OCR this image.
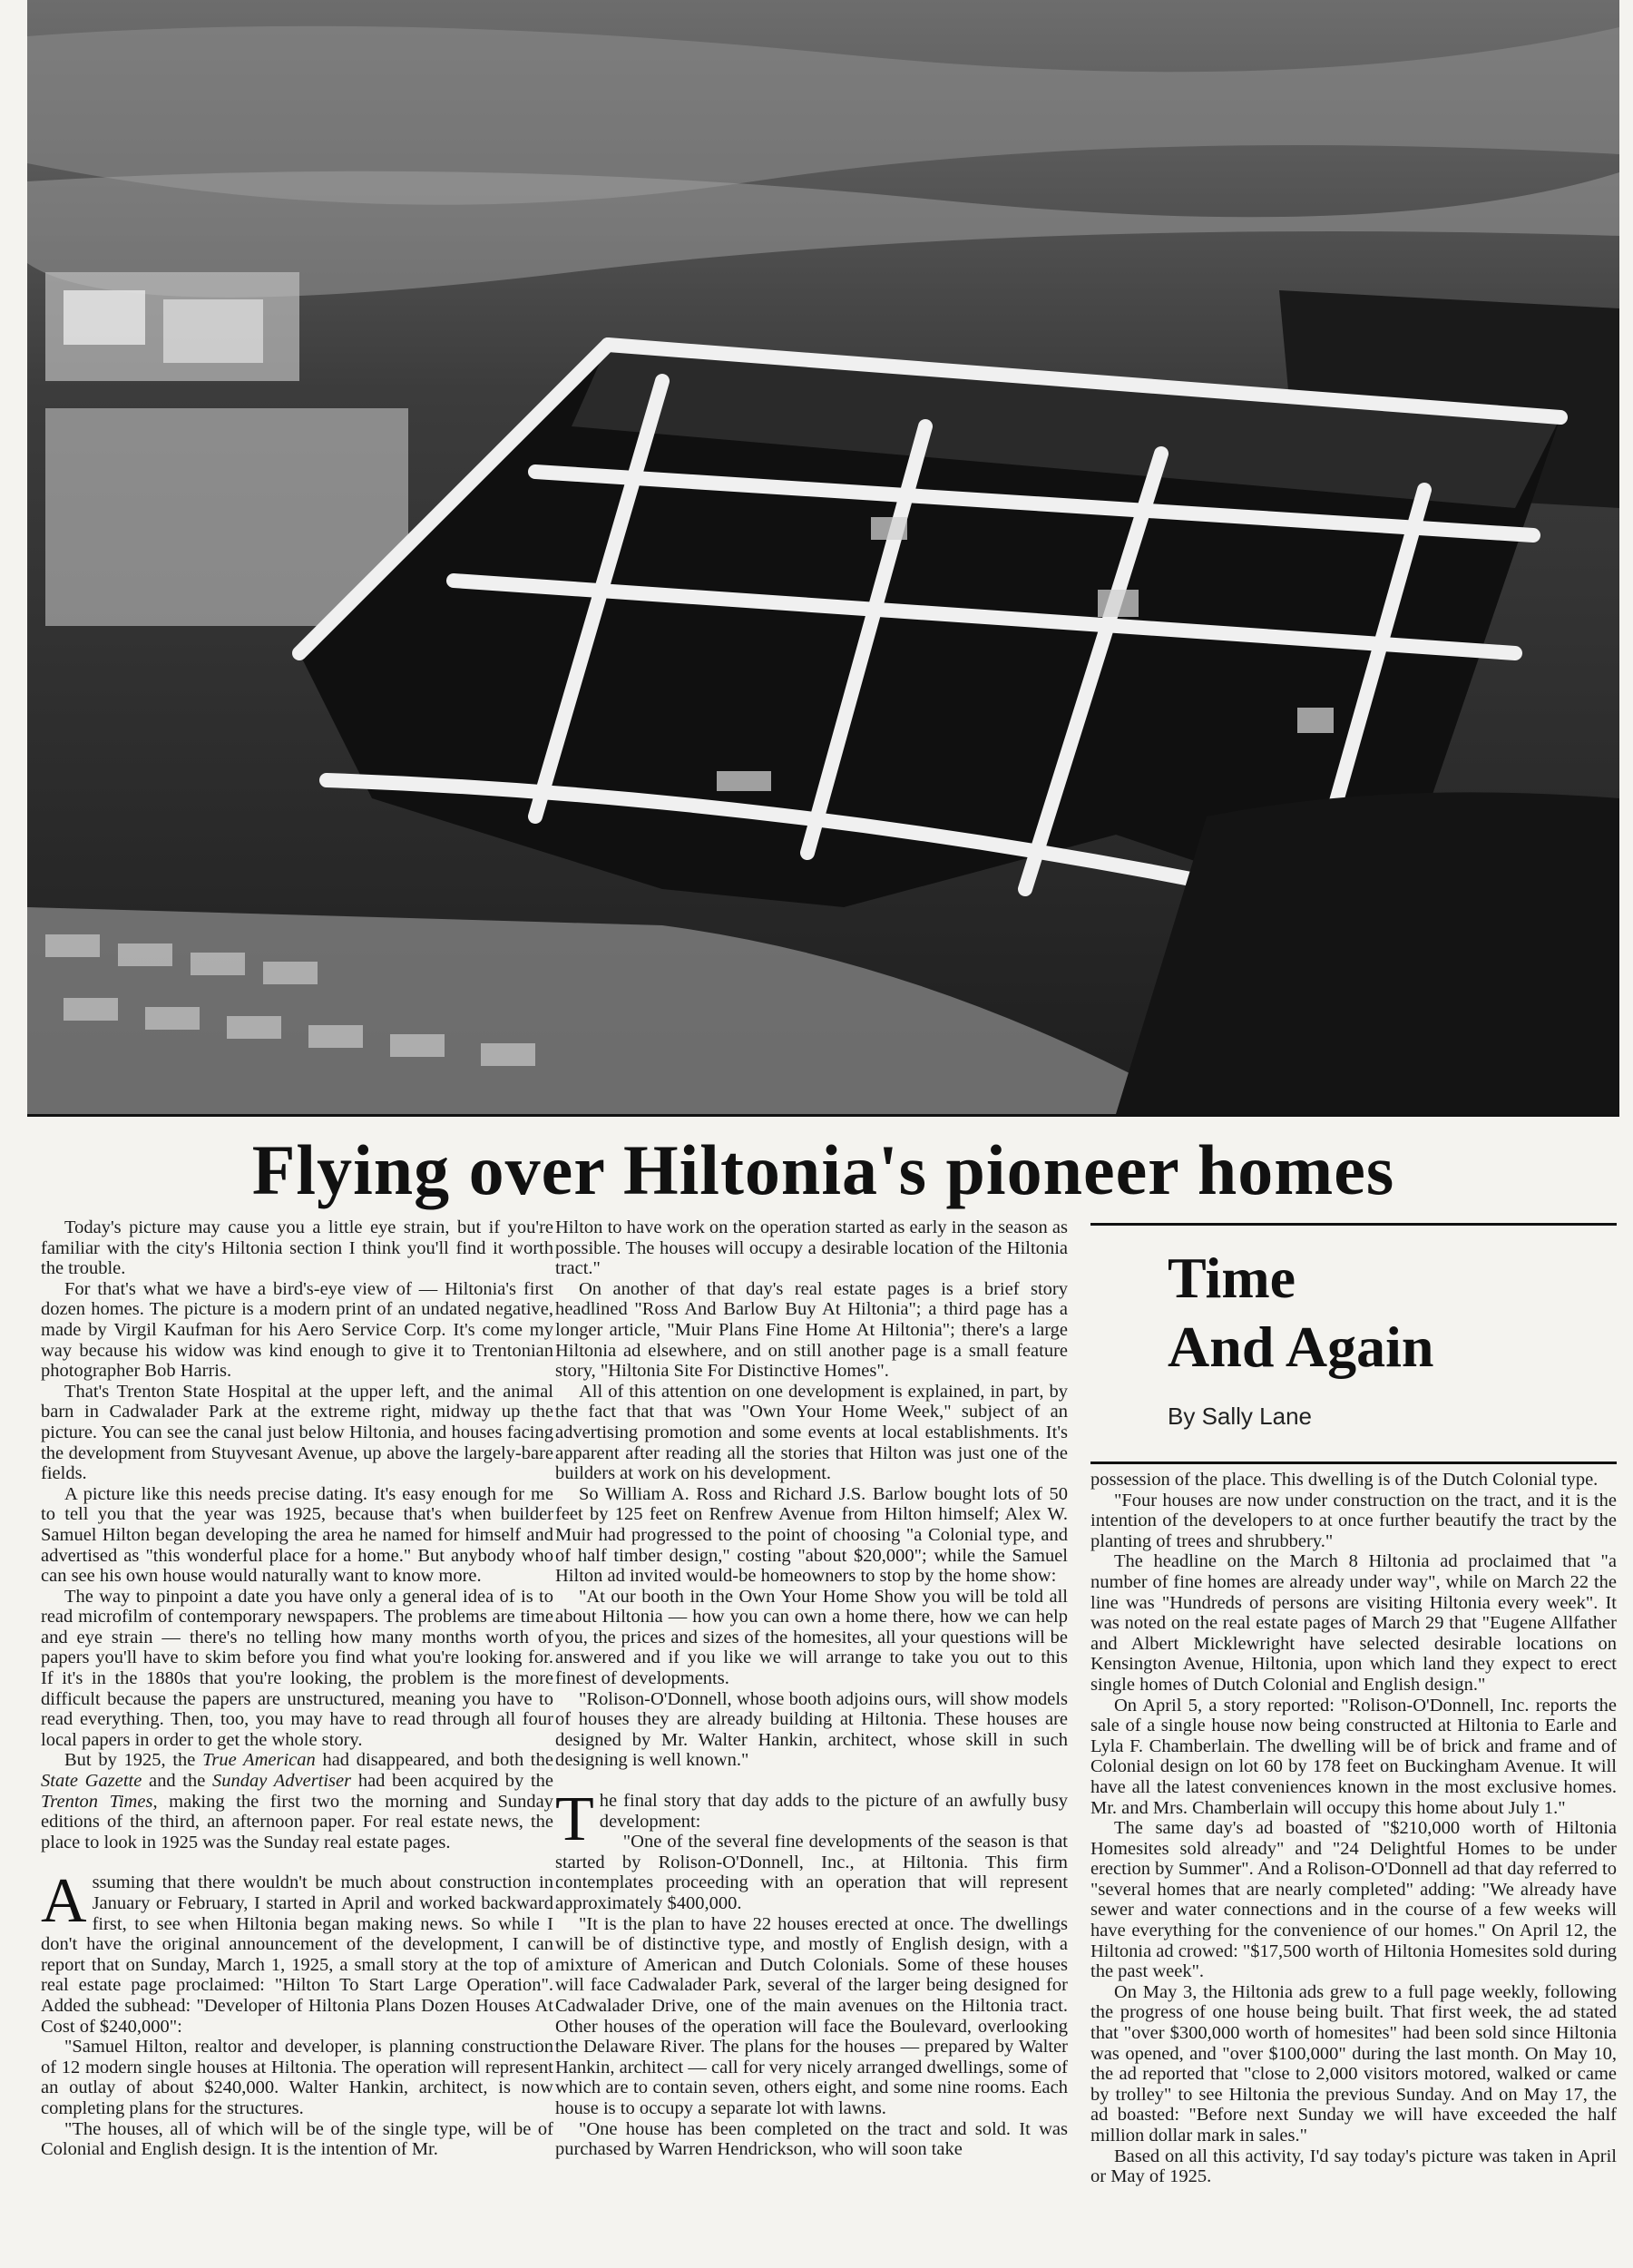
Flying over Hiltonia's pioneer homes

Today's picture may cause you a little eye strain, but if you're familiar with the city's Hiltonia section I think you'll find it worth the trouble.

For that's what we have a bird's-eye view of — Hiltonia's first dozen homes. The picture is a modern print of an undated negative, made by Virgil Kaufman for his Aero Service Corp. It's come my way because his widow was kind enough to give it to Trentonian photographer Bob Harris.

That's Trenton State Hospital at the upper left, and the animal barn in Cadwalader Park at the extreme right, midway up the picture. You can see the canal just below Hiltonia, and houses facing the development from Stuyvesant Avenue, up above the largely-bare fields.

A picture like this needs precise dating. It's easy enough for me to tell you that the year was 1925, because that's when builder Samuel Hilton began developing the area he named for himself and advertised as "this wonderful place for a home." But anybody who can see his own house would naturally want to know more.

The way to pinpoint a date you have only a general idea of is to read microfilm of contemporary newspapers. The problems are time and eye strain — there's no telling how many months worth of papers you'll have to skim before you find what you're looking for. If it's in the 1880s that you're looking, the problem is the more difficult because the papers are unstructured, meaning you have to read everything. Then, too, you may have to read through all four local papers in order to get the whole story.

But by 1925, the True American had disappeared, and both the State Gazette and the Sunday Advertiser had been acquired by the Trenton Times, making the first two the morning and Sunday editions of the third, an afternoon paper. For real estate news, the place to look in 1925 was the Sunday real estate pages.

Assuming that there wouldn't be much about construction in January or February, I started in April and worked backward first, to see when Hiltonia began making news. So while I don't have the original announcement of the development, I can report that on Sunday, March 1, 1925, a small story at the top of a real estate page proclaimed: "Hilton To Start Large Operation". Added the subhead: "Developer of Hiltonia Plans Dozen Houses At Cost of $240,000":

"Samuel Hilton, realtor and developer, is planning construction of 12 modern single houses at Hiltonia. The operation will represent an outlay of about $240,000. Walter Hankin, architect, is now completing plans for the structures.

"The houses, all of which will be of the single type, will be of Colonial and English design. It is the intention of Mr.

Hilton to have work on the operation started as early in the season as possible. The houses will occupy a desirable location of the Hiltonia tract."

On another of that day's real estate pages is a brief story headlined "Ross And Barlow Buy At Hiltonia"; a third page has a longer article, "Muir Plans Fine Home At Hiltonia"; there's a large Hiltonia ad elsewhere, and on still another page is a small feature story, "Hiltonia Site For Distinctive Homes".

All of this attention on one development is explained, in part, by the fact that that was "Own Your Home Week," subject of an advertising promotion and some events at local establishments. It's apparent after reading all the stories that Hilton was just one of the builders at work on his development.

So William A. Ross and Richard J.S. Barlow bought lots of 50 feet by 125 feet on Renfrew Avenue from Hilton himself; Alex W. Muir had progressed to the point of choosing "a Colonial type, and of half timber design," costing "about $20,000"; while the Samuel Hilton ad invited would-be homeowners to stop by the home show:

"At our booth in the Own Your Home Show you will be told all about Hiltonia — how you can own a home there, how we can help you, the prices and sizes of the homesites, all your questions will be answered and if you like we will arrange to take you out to this finest of developments.

"Rolison-O'Donnell, whose booth adjoins ours, will show models of houses they are already building at Hiltonia. These houses are designed by Mr. Walter Hankin, architect, whose skill in such designing is well known."

The final story that day adds to the picture of an awfully busy development:

"One of the several fine developments of the season is that started by Rolison-O'Donnell, Inc., at Hiltonia. This firm contemplates proceeding with an operation that will represent approximately $400,000.

"It is the plan to have 22 houses erected at once. The dwellings will be of distinctive type, and mostly of English design, with a mixture of American and Dutch Colonials. Some of these houses will face Cadwalader Park, several of the larger being designed for Cadwalader Drive, one of the main avenues on the Hiltonia tract. Other houses of the operation will face the Boulevard, overlooking the Delaware River. The plans for the houses — prepared by Walter Hankin, architect — call for very nicely arranged dwellings, some of which are to contain seven, others eight, and some nine rooms. Each house is to occupy a separate lot with lawns.

"One house has been completed on the tract and sold. It was purchased by Warren Hendrickson, who will soon take

Time
And Again
By Sally Lane

possession of the place. This dwelling is of the Dutch Colonial type.

"Four houses are now under construction on the tract, and it is the intention of the developers to at once further beautify the tract by the planting of trees and shrubbery."

The headline on the March 8 Hiltonia ad proclaimed that "a number of fine homes are already under way", while on March 22 the line was "Hundreds of persons are visiting Hiltonia every week". It was noted on the real estate pages of March 29 that "Eugene Allfather and Albert Micklewright have selected desirable locations on Kensington Avenue, Hiltonia, upon which land they expect to erect single homes of Dutch Colonial and English design."

On April 5, a story reported: "Rolison-O'Donnell, Inc. reports the sale of a single house now being constructed at Hiltonia to Earle and Lyla F. Chamberlain. The dwelling will be of brick and frame and of Colonial design on lot 60 by 178 feet on Buckingham Avenue. It will have all the latest conveniences known in the most exclusive homes. Mr. and Mrs. Chamberlain will occupy this home about July 1."

The same day's ad boasted of "$210,000 worth of Hiltonia Homesites sold already" and "24 Delightful Homes to be under erection by Summer". And a Rolison-O'Donnell ad that day referred to "several homes that are nearly completed" adding: "We already have sewer and water connections and in the course of a few weeks will have everything for the convenience of our homes." On April 12, the Hiltonia ad crowed: "$17,500 worth of Hiltonia Homesites sold during the past week".

On May 3, the Hiltonia ads grew to a full page weekly, following the progress of one house being built. That first week, the ad stated that "over $300,000 worth of homesites" had been sold since Hiltonia was opened, and "over $100,000" during the last month. On May 10, the ad reported that "close to 2,000 visitors motored, walked or came by trolley" to see Hiltonia the previous Sunday. And on May 17, the ad boasted: "Before next Sunday we will have exceeded the half million dollar mark in sales."

Based on all this activity, I'd say today's picture was taken in April or May of 1925.
